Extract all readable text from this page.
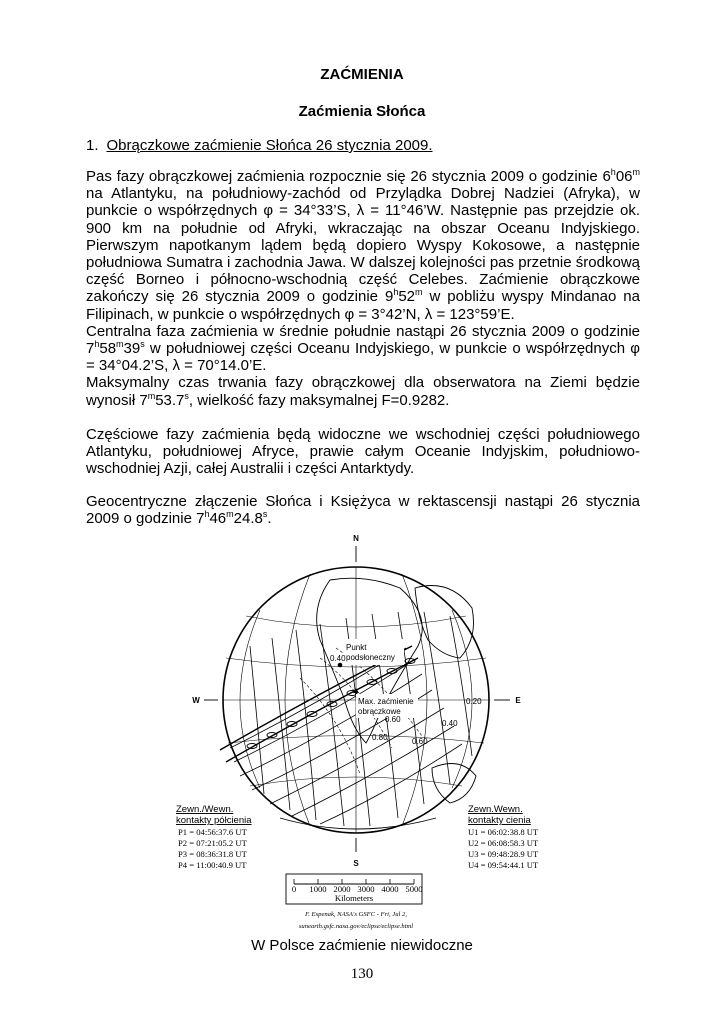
ZAĆMIENIA
Zaćmienia Słońca
1. Obrączkowe zaćmienie Słońca 26 stycznia 2009.
Pas fazy obrączkowej zaćmienia rozpocznie się 26 stycznia 2009 o godzinie 6$^h$06$^m$ na Atlantyku, na południowy-zachód od Przylądka Dobrej Nadziei (Afryka), w punkcie o współrzędnych φ = 34°33’S, λ = 11°46’W. Następnie pas przejdzie ok. 900 km na południe od Afryki, wkraczając na obszar Oceanu Indyjskiego. Pierwszym napotkanym lądem będą dopiero Wyspy Kokosowe, a następnie południowa Sumatra i zachodnia Jawa. W dalszej kolejności pas przetnie środkową część Borneo i północno-wschodnią część Celebes. Zaćmienie obrączkowe zakończy się 26 stycznia 2009 o godzinie 9$^h$52$^m$ w pobliżu wyspy Mindanao na Filipinach, w punkcie o współrzędnych φ = 3°42’N, λ = 123°59’E.
Centralna faza zaćmienia w średnie południe nastąpi 26 stycznia 2009 o godzinie 7$^h$58$^m$39$^s$ w południowej części Oceanu Indyjskiego, w punkcie o współrzędnych φ = 34°04.2’S, λ = 70°14.0’E.
Maksymalny czas trwania fazy obrączkowej dla obserwatora na Ziemi będzie wynosił 7$^m$53.7$^s$, wielkość fazy maksymalnej F=0.9282.
Częściowe fazy zaćmienia będą widoczne we wschodniej części południowego Atlantyku, południowej Afryce, prawie całym Oceanie Indyjskim, południowo-wschodniej Azji, całej Australii i części Antarktydy.
Geocentryczne złączenie Słońca i Księżyca w rektascensji nastąpi 26 stycznia 2009 o godzinie 7$^h$46$^m$24.8$^s$.
Punkt
podsłoneczny
Max. zaćmienie
obrączkowe
0.40
0.60
0.80	0.60
0.40
0.20
N
S
W	E
Zewn./Wewn.
kontakty półcienia
P1 = 04:56:37.6 UT
P2 = 07:21:05.2 UT
P3 = 08:36:31.8 UT
P4 = 11:00:40.9 UT
Zewn.Wewn.
kontakty cienia
U1 = 06:02:38.8 UT
U2 = 06:08:58.3 UT
U3 = 09:48:28.9 UT
U4 = 09:54:44.1 UT
0 1000 2000 3000 4000 5000
Kilometers
F. Espenak, NASA's GSFC - Fri, Jul 2,
sunearth.gsfc.nasa.gov/eclipse/eclipse.html
W Polsce zaćmienie niewidoczne
130
